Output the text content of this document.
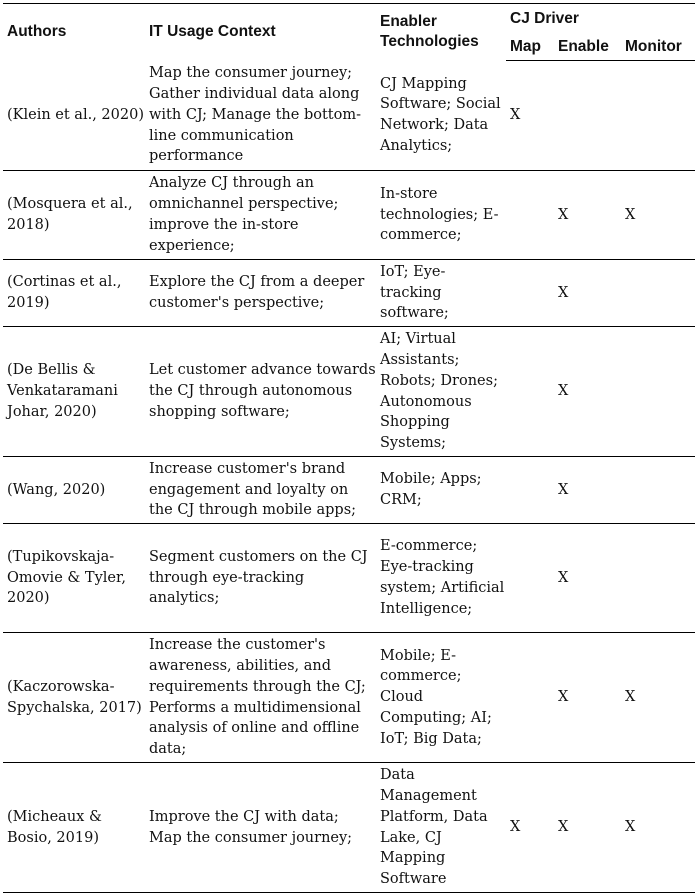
Authors	IT Usage Context	Enabler Technologies	CJ Driver		
			Map	Enable	Monitor
(Klein et al., 2020)	Map the consumer journey; Gather individual data along with CJ; Manage the bottom-line communication performance	CJ Mapping Software; Social Network; Data Analytics;	X		
(Mosquera et al., 2018)	Analyze CJ through an omnichannel perspective; improve the in-store experience;	In-store technologies; E-commerce;		X	X
(Cortinas et al., 2019)	Explore the CJ from a deeper customer's perspective;	IoT; Eye-tracking software;		X	
(De Bellis & Venkataramani Johar, 2020)	Let customer advance towards the CJ through autonomous shopping software;	AI; Virtual Assistants; Robots; Drones; Autonomous Shopping Systems;		X	
(Wang, 2020)	Increase customer's brand engagement and loyalty on the CJ through mobile apps;	Mobile; Apps; CRM;		X	
(Tupikovskaja-Omovie & Tyler, 2020)	Segment customers on the CJ through eye-tracking analytics;	E-commerce; Eye-tracking system; Artificial Intelligence;		X	
(Kaczorowska-Spychalska, 2017)	Increase the customer's awareness, abilities, and requirements through the CJ; Performs a multidimensional analysis of online and offline data;	Mobile; E-commerce; Cloud Computing; AI; IoT; Big Data;		X	X
(Micheaux & Bosio, 2019)	Improve the CJ with data; Map the consumer journey;	Data Management Platform, Data Lake, CJ Mapping Software	X	X	X
